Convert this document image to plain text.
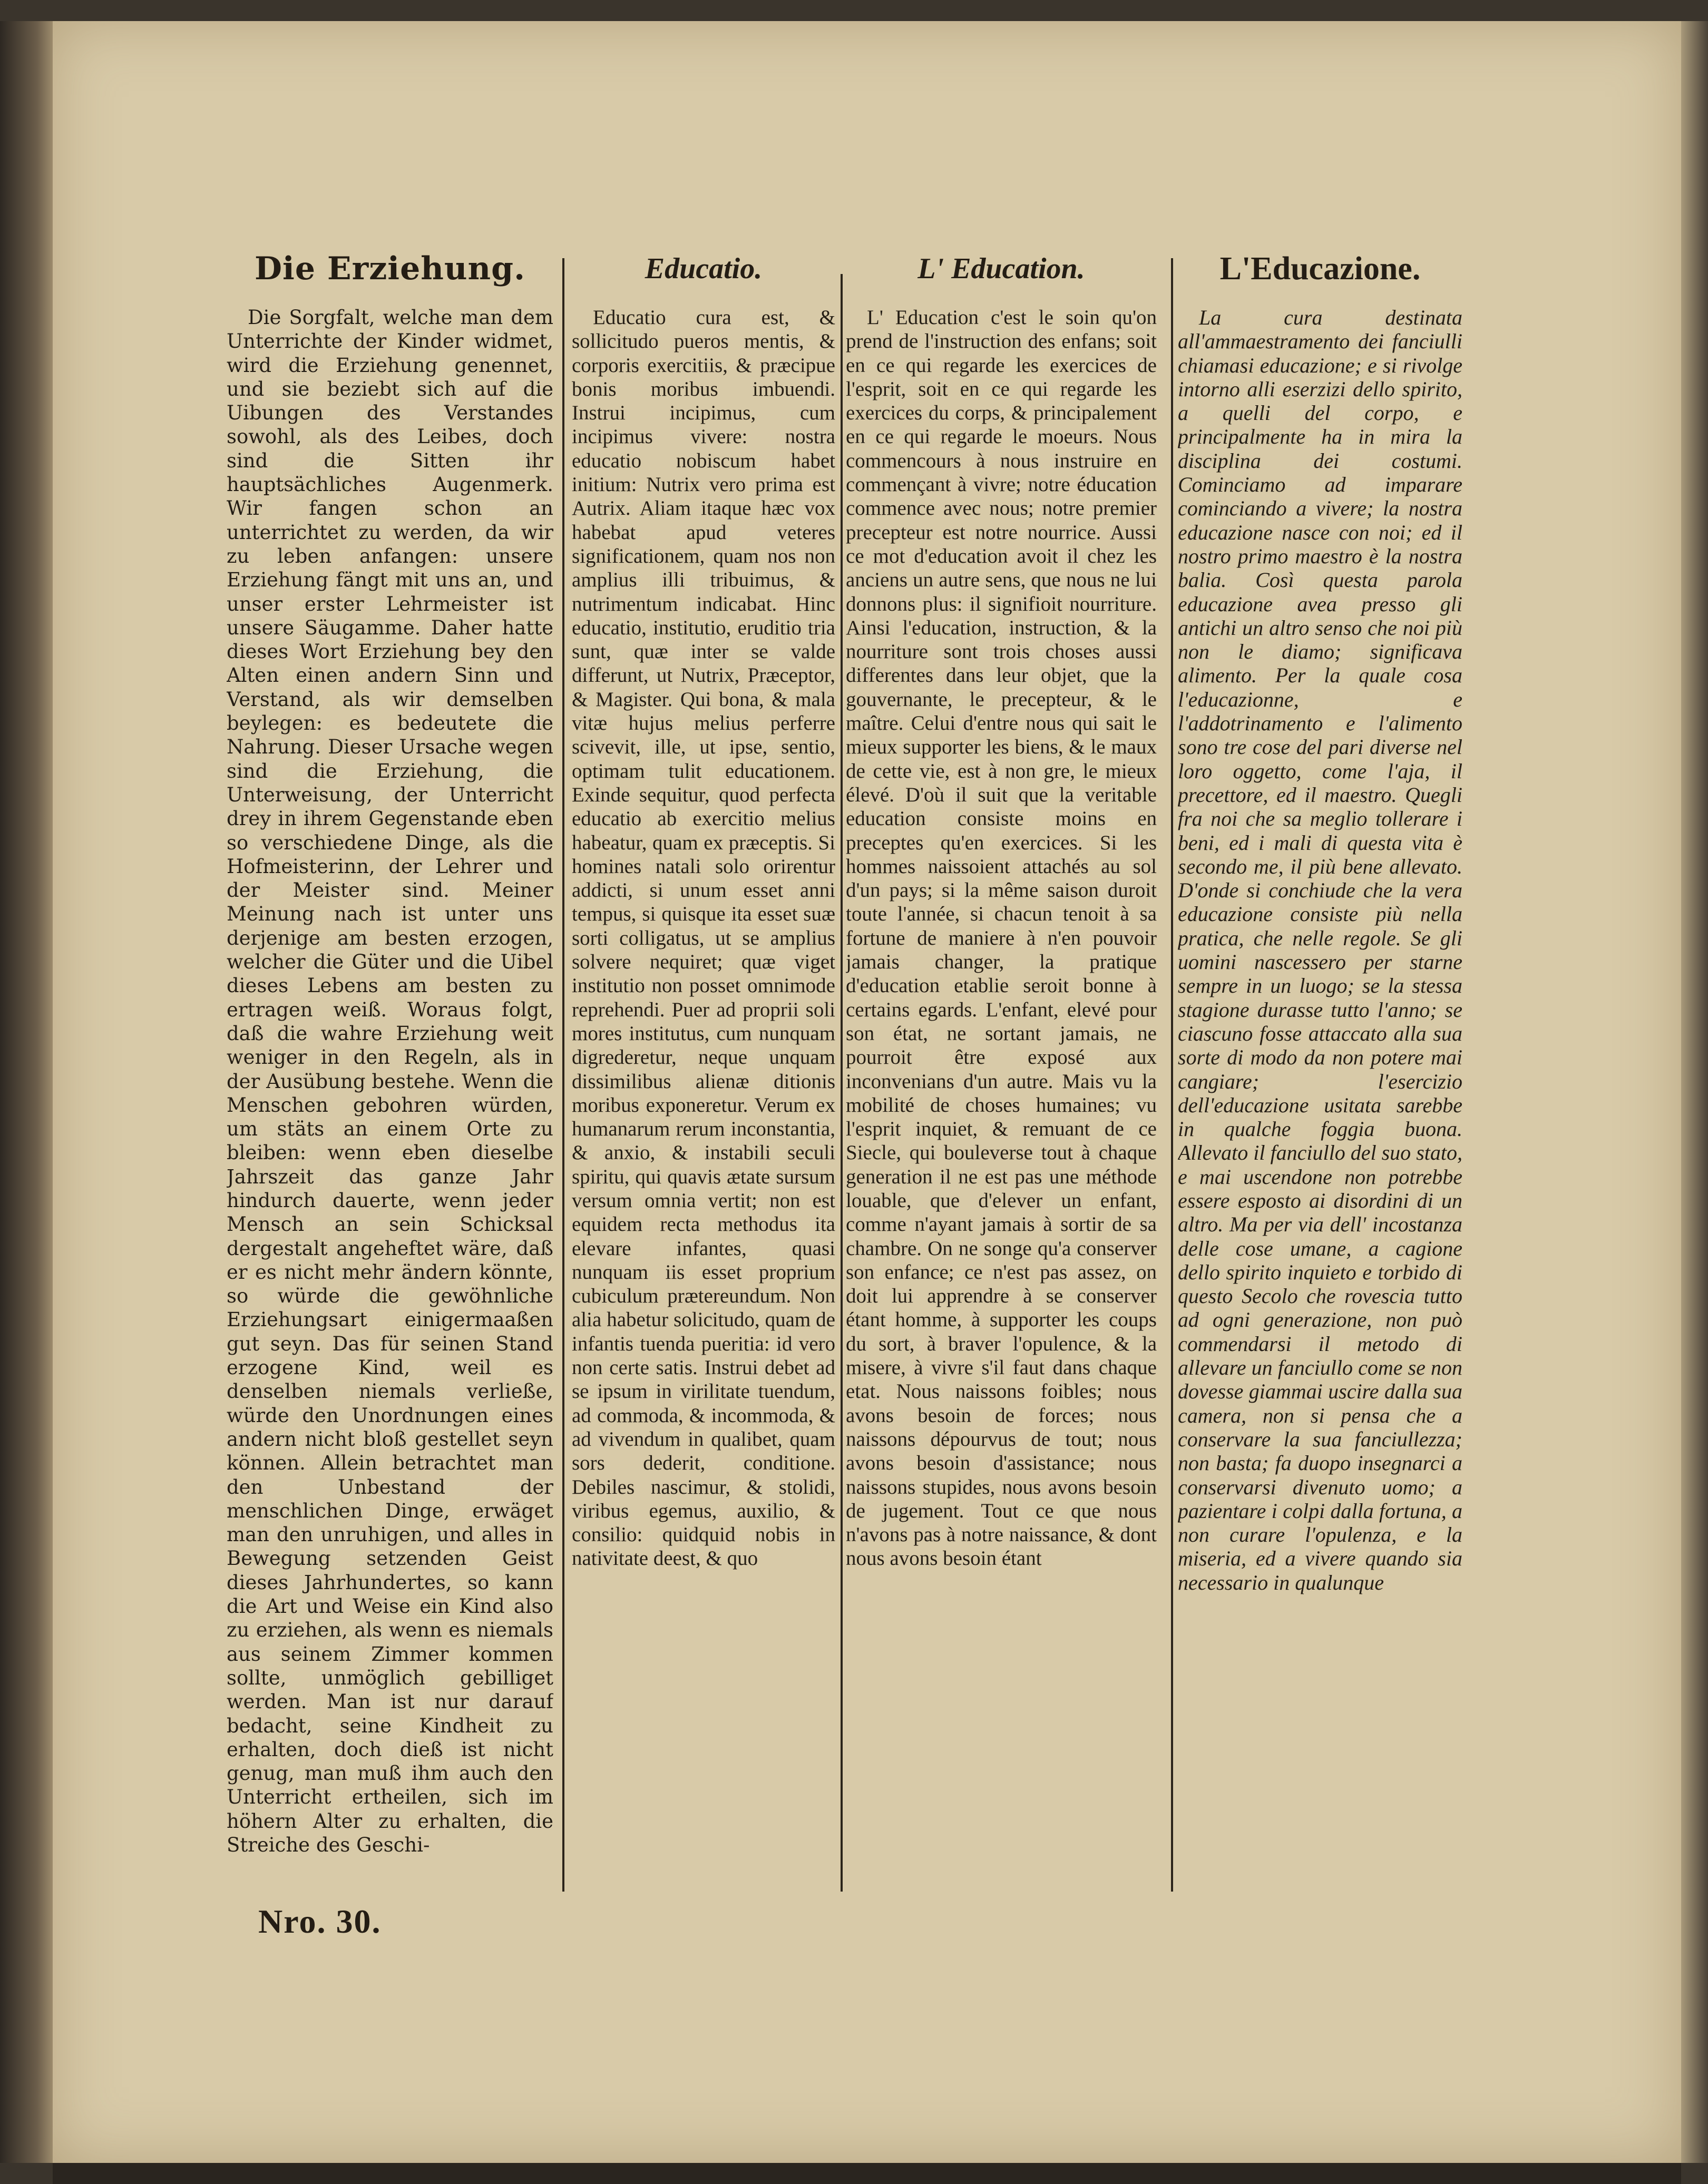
Die Erziehung.

Die Sorgfalt, welche man dem Unterrichte der Kinder widmet, wird die Erziehung genennet, und sie beziebt sich auf die Uibungen des Verstandes sowohl, als des Leibes, doch sind die Sitten ihr hauptsächliches Augenmerk. Wir fangen schon an unterrichtet zu werden, da wir zu leben anfangen: unsere Erziehung fängt mit uns an, und unser erster Lehrmeister ist unsere Säugamme. Daher hatte dieses Wort Erziehung bey den Alten einen andern Sinn und Verstand, als wir demselben beylegen: es bedeutete die Nahrung. Dieser Ursache wegen sind die Erziehung, die Unterweisung, der Unterricht drey in ihrem Gegenstande eben so verschiedene Dinge, als die Hofmeisterinn, der Lehrer und der Meister sind. Meiner Meinung nach ist unter uns derjenige am besten erzogen, welcher die Güter und die Uibel dieses Lebens am besten zu ertragen weiß. Woraus folgt, daß die wahre Erziehung weit weniger in den Regeln, als in der Ausübung bestehe. Wenn die Menschen gebohren würden, um stäts an einem Orte zu bleiben: wenn eben dieselbe Jahrszeit das ganze Jahr hindurch dauerte, wenn jeder Mensch an sein Schicksal dergestalt angeheftet wäre, daß er es nicht mehr ändern könnte, so würde die gewöhnliche Erziehungsart einigermaaßen gut seyn. Das für seinen Stand erzogene Kind, weil es denselben niemals verließe, würde den Unordnungen eines andern nicht bloß gestellet seyn können. Allein betrachtet man den Unbestand der menschlichen Dinge, erwäget man den unruhigen, und alles in Bewegung setzenden Geist dieses Jahrhundertes, so kann die Art und Weise ein Kind also zu erziehen, als wenn es niemals aus seinem Zimmer kommen sollte, unmöglich gebilliget werden. Man ist nur darauf bedacht, seine Kindheit zu erhalten, doch dieß ist nicht genug, man muß ihm auch den Unterricht ertheilen, sich im höhern Alter zu erhalten, die Streiche des Geschi-

Educatio.

Educatio cura est, & sollicitudo pueros mentis, & corporis exercitiis, & præcipue bonis moribus imbuendi. Instrui incipimus, cum incipimus vivere: nostra educatio nobiscum habet initium: Nutrix vero prima est Autrix. Aliam itaque hæc vox habebat apud veteres significationem, quam nos non amplius illi tribuimus, & nutrimentum indicabat. Hinc educatio, institutio, eruditio tria sunt, quæ inter se valde differunt, ut Nutrix, Præceptor, & Magister. Qui bona, & mala vitæ hujus melius perferre scivevit, ille, ut ipse, sentio, optimam tulit educationem. Exinde sequitur, quod perfecta educatio ab exercitio melius habeatur, quam ex præceptis. Si homines natali solo orirentur addicti, si unum esset anni tempus, si quisque ita esset suæ sorti colligatus, ut se amplius solvere nequiret; quæ viget institutio non posset omnimode reprehendi. Puer ad proprii soli mores institutus, cum nunquam digrederetur, neque unquam dissimilibus alienæ ditionis moribus exponeretur. Verum ex humanarum rerum inconstantia, & anxio, & instabili seculi spiritu, qui quavis ætate sursum versum omnia vertit; non est equidem recta methodus ita elevare infantes, quasi nunquam iis esset proprium cubiculum prætereundum. Non alia habetur solicitudo, quam de infantis tuenda pueritia: id vero non certe satis. Instrui debet ad se ipsum in virilitate tuendum, ad commoda, & incommoda, & ad vivendum in qualibet, quam sors dederit, conditione. Debiles nascimur, & stolidi, viribus egemus, auxilio, & consilio: quidquid nobis in nativitate deest, & quo

L' Education.

L' Education c'est le soin qu'on prend de l'instruction des enfans; soit en ce qui regarde les exercices de l'esprit, soit en ce qui regarde les exercices du corps, & principalement en ce qui regarde le moeurs. Nous commencours à nous instruire en commençant à vivre; notre éducation commence avec nous; notre premier precepteur est notre nourrice. Aussi ce mot d'education avoit il chez les anciens un autre sens, que nous ne lui donnons plus: il signifioit nourriture. Ainsi l'education, instruction, & la nourriture sont trois choses aussi differentes dans leur objet, que la gouvernante, le precepteur, & le maître. Celui d'entre nous qui sait le mieux supporter les biens, & le maux de cette vie, est à non gre, le mieux élevé. D'où il suit que la veritable education consiste moins en preceptes qu'en exercices. Si les hommes naissoient attachés au sol d'un pays; si la même saison duroit toute l'année, si chacun tenoit à sa fortune de maniere à n'en pouvoir jamais changer, la pratique d'education etablie seroit bonne à certains egards. L'enfant, elevé pour son état, ne sortant jamais, ne pourroit être exposé aux inconvenians d'un autre. Mais vu la mobilité de choses humaines; vu l'esprit inquiet, & remuant de ce Siecle, qui bouleverse tout à chaque generation il ne est pas une méthode louable, que d'elever un enfant, comme n'ayant jamais à sortir de sa chambre. On ne songe qu'a conserver son enfance; ce n'est pas assez, on doit lui apprendre à se conserver étant homme, à supporter les coups du sort, à braver l'opulence, & la misere, à vivre s'il faut dans chaque etat. Nous naissons foibles; nous avons besoin de forces; nous naissons dépourvus de tout; nous avons besoin d'assistance; nous naissons stupides, nous avons besoin de jugement. Tout ce que nous n'avons pas à notre naissance, & dont nous avons besoin étant

L'Educazione.

La cura destinata all'ammaestramento dei fanciulli chiamasi educazione; e si rivolge intorno alli eserzizi dello spirito, a quelli del corpo, e principalmente ha in mira la disciplina dei costumi. Cominciamo ad imparare cominciando a vivere; la nostra educazione nasce con noi; ed il nostro primo maestro è la nostra balia. Così questa parola educazione avea presso gli antichi un altro senso che noi più non le diamo; significava alimento. Per la quale cosa l'educazionne, e l'addotrinamento e l'alimento sono tre cose del pari diverse nel loro oggetto, come l'aja, il precettore, ed il maestro. Quegli fra noi che sa meglio tollerare i beni, ed i mali di questa vita è secondo me, il più bene allevato. D'onde si conchiude che la vera educazione consiste più nella pratica, che nelle regole. Se gli uomini nascessero per starne sempre in un luogo; se la stessa stagione durasse tutto l'anno; se ciascuno fosse attaccato alla sua sorte di modo da non potere mai cangiare; l'esercizio dell'educazione usitata sarebbe in qualche foggia buona. Allevato il fanciullo del suo stato, e mai uscendone non potrebbe essere esposto ai disordini di un altro. Ma per via dell' incostanza delle cose umane, a cagione dello spirito inquieto e torbido di questo Secolo che rovescia tutto ad ogni generazione, non può commendarsi il metodo di allevare un fanciullo come se non dovesse giammai uscire dalla sua camera, non si pensa che a conservare la sua fanciullezza; non basta; fa duopo insegnarci a conservarsi divenuto uomo; a pazientare i colpi dalla fortuna, a non curare l'opulenza, e la miseria, ed a vivere quando sia necessario in qualunque

Nro. 30.
